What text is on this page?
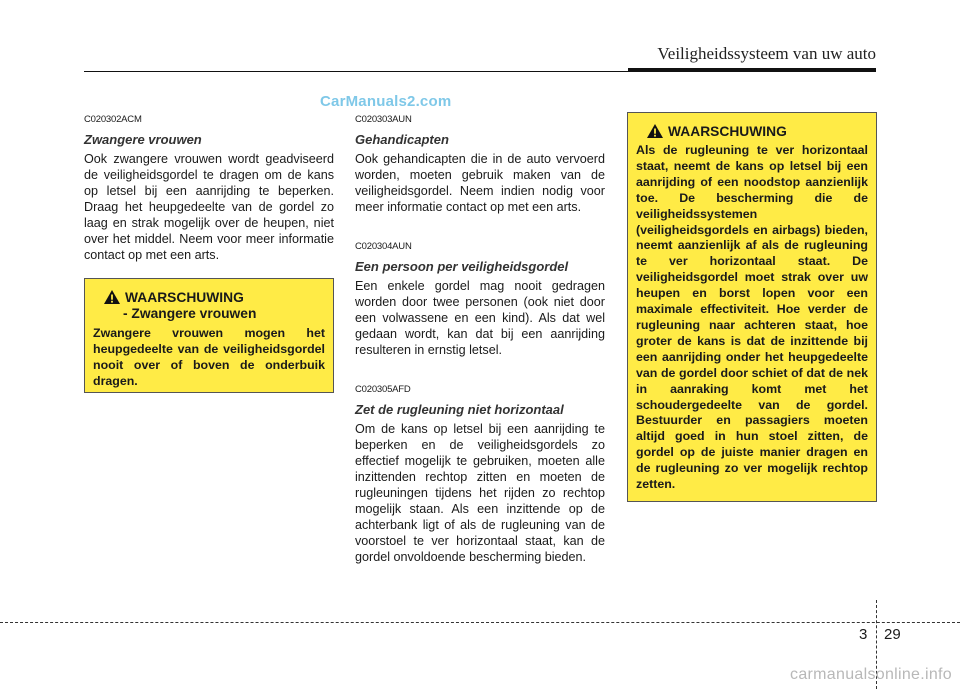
Veiligheidssysteem van uw auto
CarManuals2.com

C020302ACM

Zwangere vrouwen

Ook zwangere vrouwen wordt geadviseerd de veiligheidsgordel te dragen om de kans op letsel bij een aanrijding te beperken. Draag het heupgedeelte van de gordel zo laag en strak mogelijk over de heupen, niet over het middel. Neem voor meer informatie contact op met een arts.

WAARSCHUWING
- Zwangere vrouwen
Zwangere vrouwen mogen het heupgedeelte van de veiligheidsgordel nooit over of boven de onderbuik dragen.

C020303AUN

Gehandicapten

Ook gehandicapten die in de auto vervoerd worden, moeten gebruik maken van de veiligheidsgordel. Neem indien nodig voor meer informatie contact op met een arts.

C020304AUN

Een persoon per veiligheidsgordel

Een enkele gordel mag nooit gedragen worden door twee personen (ook niet door een volwassene en een kind). Als dat wel gedaan wordt, kan dat bij een aanrijding resulteren in ernstig letsel.

C020305AFD

Zet de rugleuning niet horizontaal

Om de kans op letsel bij een aanrijding te beperken en de veiligheidsgordels zo effectief mogelijk te gebruiken, moeten alle inzittenden rechtop zitten en moeten de rugleuningen tijdens het rijden zo rechtop mogelijk staan. Als een inzittende op de achterbank ligt of als de rugleuning van de voorstoel te ver horizontaal staat, kan de gordel onvoldoende bescherming bieden.

WAARSCHUWING
Als de rugleuning te ver horizontaal staat, neemt de kans op letsel bij een aanrijding of een noodstop aanzienlijk toe. De bescherming die de veiligheidssystemen (veiligheidsgordels en airbags) bieden, neemt aanzienlijk af als de rugleuning te ver horizontaal staat. De veiligheidsgordel moet strak over uw heupen en borst lopen voor een maximale effectiviteit. Hoe verder de rugleuning naar achteren staat, hoe groter de kans is dat de inzittende bij een aanrijding onder het heupgedeelte van de gordel door schiet of dat de nek in aanraking komt met het schoudergedeelte van de gordel. Bestuurder en passagiers moeten altijd goed in hun stoel zitten, de gordel op de juiste manier dragen en de rugleuning zo ver mogelijk rechtop zetten.
3 29
carmanualsonline.info
